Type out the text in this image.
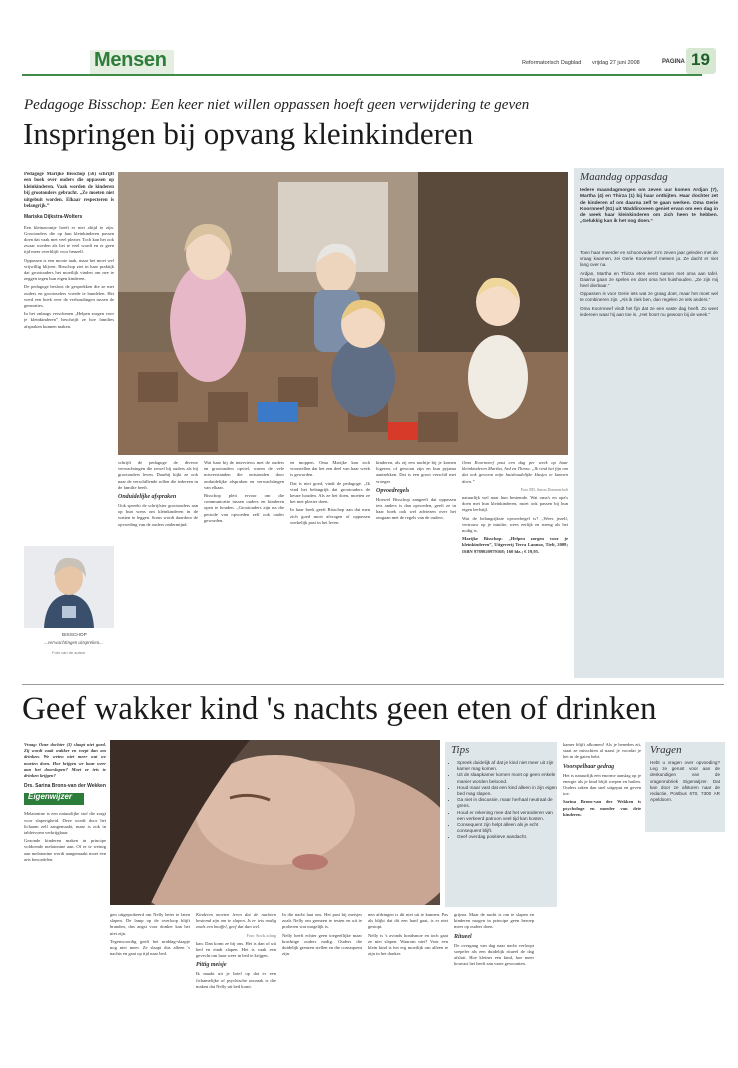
Mensen	Reformatorisch Dagblad vrijdag 27 juni 2008	PAGINA 19
Pedagoge Bisschop: Een keer niet willen oppassen hoeft geen verwijdering te geven
Inspringen bij opvang kleinkinderen
Pedagoge Marijke Bisschop (56) schrijft een boek over ouders die oppassen op kleinkinderen. Vaak worden de kinderen bij grootouders gebracht. „Ze moeten niet uitgebuit worden. Elkaar respecteren is belangrijk.”
Mariska Dijkstra-Wolters

Een kleinzoontje hoeft er niet altijd te zijn. Grootouders die op hun kleinkinderen passen doen dat vaak met veel plezier. Toch kan het ook zwaar worden als het te veel wordt en er geen tijd meer overblijft voor henzelf.

Oppassen is een mooie taak, maar het moet wel vrijwillig blijven. Bisschop ziet in haar praktijk dat grootouders het moeilijk vinden om nee te zeggen tegen hun eigen kinderen.

De pedagoge besloot de gesprekken die ze met ouders en grootouders voerde te bundelen. Het werd een boek over de verhoudingen tussen de generaties.

In het onlangs verschenen „Helpen zorgen voor je kleinkinderen” beschrijft ze hoe families afspraken kunnen maken.

BISSCHOP
...verwachtingen uitspreken...
Foto van de auteur

schrijft de pedagoge de diverse verwachtingen die zowel bij ouders als bij grootouders leven. Daarbij kijkt ze ook naar de verschillende rollen die iedereen in de familie heeft.

Onduidelijke afspraken

Ook spreekt de schrijfster grootouders aan op hun wens om kleinkinderen in de watten te leggen. Soms wordt daardoor de opvoeding van de ouders ondermijnd.

Wat haar bij de interviews met de ouders en grootouders opviel, waren de vele misverstanden die ontstonden door onduidelijke afspraken en verwachtingen van elkaar.

Bisschop pleit ervoor om die communicatie tussen ouders en kinderen open te houden. „Grootouders zijn na die periode van opvoeden zelf ook ouder geworden.

en moppen. Oma Marijke kan zich voorstellen dat het een deel van haar week is geworden.

Dat is niet goed, vindt de pedagoge. „Ik vind het belangrijk dat grootouders de keuze houden. Als ze het doen, moeten ze het met plezier doen.

In haar boek geeft Bisschop aan dat men zich goed moet afvragen of oppassen werkelijk past in het leven.

kinderen, als zij een nachtje bij je komen logeren, of gewoon zijn en hun pyjama aantrekken. Dat is een groot verschil met vroeger.

Opvoedregels

Hoewel Bisschop aangeeft dat oppassen iets anders is dan opvoeden, geeft ze in haar boek ook wel adviezen over het omgaan met de regels van de ouders.

Oma Koornneef past een dag per week op haar kleinkinderen Martha, Ard en Thirza. „Ik vind het fijn om dat ook gewoon mijn huishoudelijke klusjes te kunnen doen.”

Foto RD, Anton Dommerholt

natuurlijk wel naar hun bestemde. Wat oma's en opa's doen met hun kleinkinderen, moet ook passen bij hun eigen leefstijl.

Wat de belangrijkste opvoedregel is? „Wees jezelf, vertrouw op je intuïtie, wees eerlijk en streng als het nodig is.

Marijke Bisschop: „Helpen zorgen voor je kleinkinderen”, Uitgeverij Terra Lannoo, Tielt, 2008; ISBN 9789020979168; 160 blz.; € 19,95.

Maandag oppasdag
Iedere maandagmorgen om zeven uur komen Ardjan (7), Martha (4) en Thirza (1) bij haar ontbijten. Haar dochter zet de kinderen af om daarna zelf te gaan werken. Oma Gerie Koornneef (61) uit Waddinxveen geniet ervan om een dag in de week haar kleinkinderen om zich heen te hebben. „Gelukkig kan ik het nog doen.”

Toen haar meerder en schoonvader zo'n zeven jaar geleden met de vraag kwamen, zei Gerie Koornneef meteen ja. Ze dacht er niet lang over na.

Ardjan, Martha en Thirza eten eerst samen met oma aan tafel. Daarna gaan ze spelen en doet oma het huishouden. „Ze zijn mij heel dierbaar.”

Oppassen is voor Gerie iets wat ze graag doet, maar het moet wel te combineren zijn. „Als ik ziek ben, dan regelen ze iets anders.”

Oma Koornneef vindt het fijn dat ze een vaste dag heeft. Zo weet iedereen waar hij aan toe is. „Het hoort nu gewoon bij de week.”

Geef wakker kind 's nachts geen eten of drinken
Vraag: Onze dochter (3) slaapt niet goed. Zij wordt vaak wakker en roept dan om drinken. We weten niet meer wat we moeten doen. Hoe krijgen we haar weer aan het doorslapen? Moet ze iets te drinken krijgen?
Drs. Sarina Brons-van der Wekken
Eigenwijzer

Melatonine is een natuurlijke stof die zorgt voor slaperigheid. Deze wordt door het lichaam zelf aangemaakt, maar is ook in tabletvorm verkrijgbaar.

Gezonde kinderen maken in principe voldoende melatonine aan. Of er te weinig aan melatonine wordt aangemaakt moet een arts beoordelen.

Tips
• Spreek duidelijk af dat je kind niet meer uit zijn kamer mag komen.
• Uit de slaapkamer komen moet op geen enkele manier worden beloond.
• Houd maar vast dat een kind alleen in zijn eigen bed mag slapen.
• Ga niet in discussie, maar herhaal neutraal de grens.
• Houd er rekening mee dat het veranderen van een verkeerd patroon veel tijd kan kosten.
• Consequent zijn helpt alleen als je echt consequent blijft.
• Geef overdag positieve aandacht.

gen uitgeprobeerd om Nelly beter te laten slapen. De lamp op de overloop blijft branden, dus angst voor donker kan het niet zijn.

Tegenwoordig geeft het middag-slaapje nog niet meer. Ze slaapt dus alleen 's nachts en gaat op tijd naar bed.

Kinderen moeten leren dat de nachten bestemd zijn om te slapen. Is er iets nodig zoals een knuffel, geef dat dan wel.

Foto: Stock.xchng

kan. Dan komt ze bij ons. Het is dan of uit bed en eindt slapen. Het is vaak een gevecht om haar weer in bed te krijgen.

Pittig meisje

Ik maakt uit je brief op dat er een fichamelijke of psychische oorzaak is die maken dat Nelly uit bed komt.

In die nacht laat ons. Het past bij meisjes zoals Nelly om grenzen te testen en uit te proberen wat mogelijk is.

Nelly heeft echter geen toegeeflijke maar krachtige ouders nodig. Ouders die duidelijk grenzen stellen en die consequent zijn.

nen afdringen is dit niet uit te kunnen. Pas als blijkt dat dit een hard gaat, is er niet gestopt.

Nelly is 's avonds hondsmoe en toch gaat ze niet slapen. Waarom niet? Voor een klein kind is het erg moeilijk om alleen te zijn in het donker.

grijma. Maar de nacht is om te slapen en kinderen mogen in principe geen beroep meer op ouders doen.

Ritueel

De overgang van dag naar nacht verloopt soepeler als een duidelijk ritueel de dag afsluit. Hoe kleiner een kind, hoe meer houvast het heeft aan vaste gewoonten.

kamer blijft afkomen! Als je beneden zit, staat ze misschien al naast je voordat je het in de gaten hebt.

Voorspelbaar gedrag

Het is natuurlijk een enorme aanslag op je energie als je kind blijft roepen en huilen. Ouders raken dan snel uitgeput en geven toe.

Sarina Brons-van der Wekken is psychologe en moeder van drie kinderen.

Vragen
Hebt u vragen over opvoeding? Leg ze gerust voor aan de deskundigen van de vragenrubriek Eigenwijzer. Dat kan door ze afsturen naar de redactie, Postbus 670, 7300 AR Apeldoorn.
